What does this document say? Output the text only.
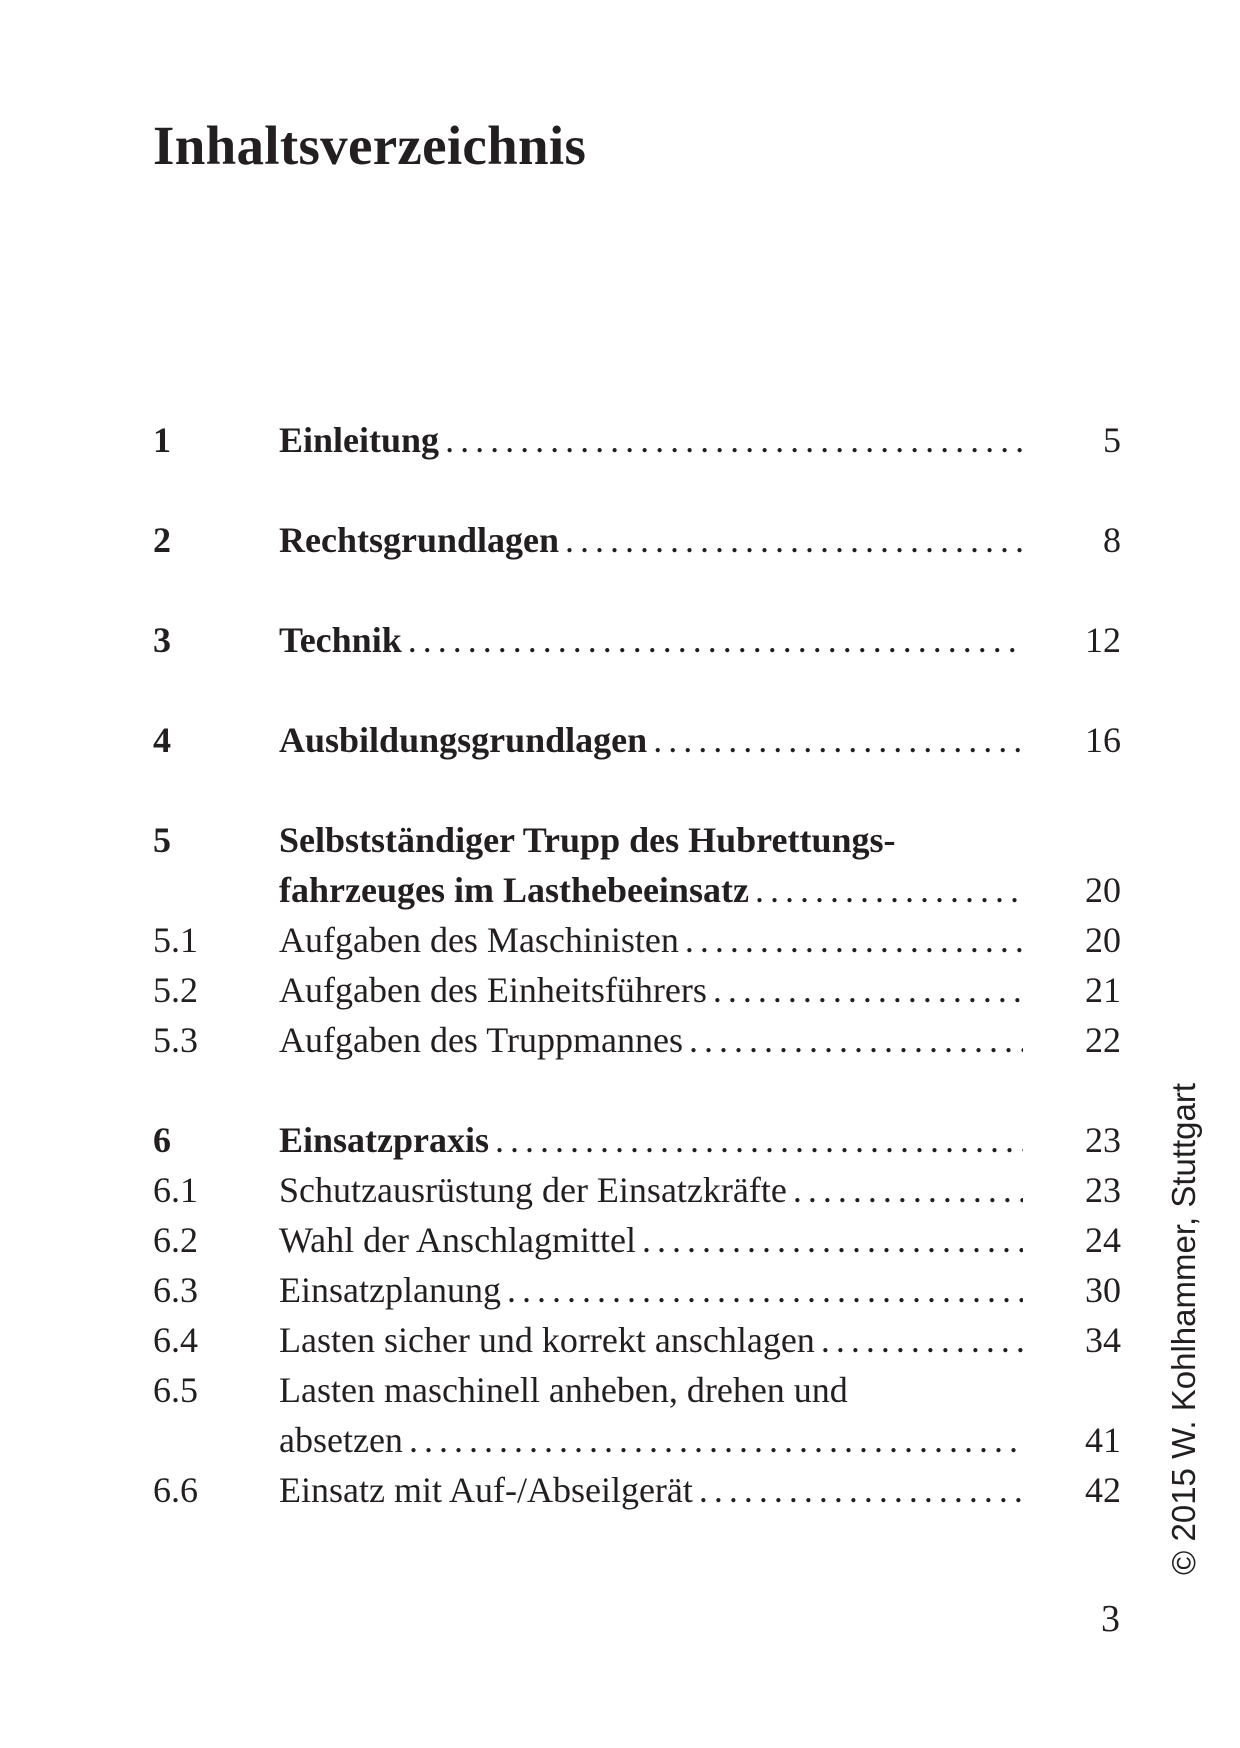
Inhaltsverzeichnis
1	Einleitung .....	5
2	Rechtsgrundlagen .....	8
3	Technik .....	12
4	Ausbildungsgrundlagen .....	16
5	Selbstständiger Trupp des Hubrettungs-
fahrzeuges im Lasthebeeinsatz .....	20
5.1	Aufgaben des Maschinisten .....	20
5.2	Aufgaben des Einheitsführers .....	21
5.3	Aufgaben des Truppmannes .....	22
6	Einsatzpraxis .....	23
6.1	Schutzausrüstung der Einsatzkräfte .....	23
6.2	Wahl der Anschlagmittel .....	24
6.3	Einsatzplanung .....	30
6.4	Lasten sicher und korrekt anschlagen .....	34
6.5	Lasten maschinell anheben, drehen und
absetzen .....	41
6.6	Einsatz mit Auf-/Abseilgerät .....	42 © 2015 W. Kohlhammer, Stuttgart
3
